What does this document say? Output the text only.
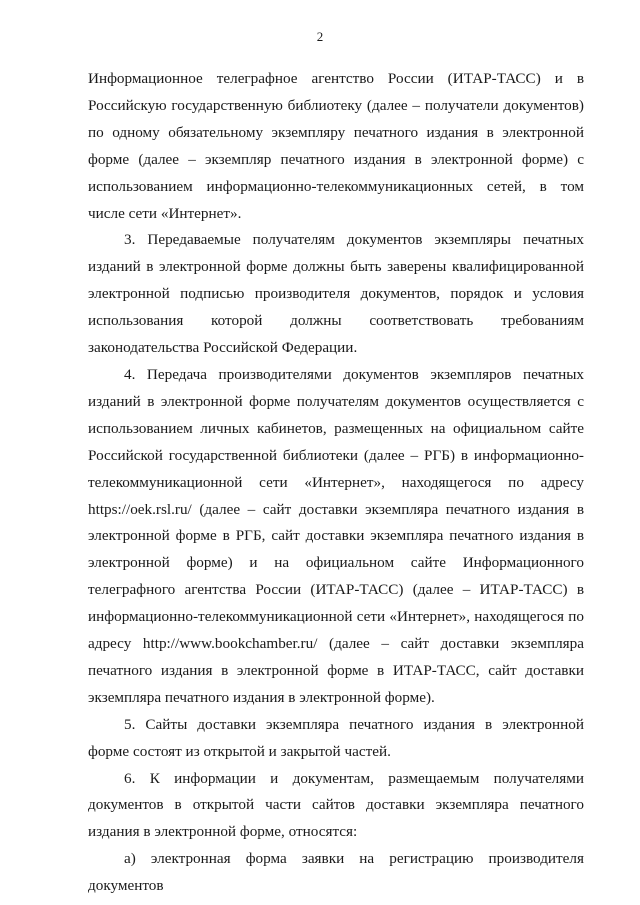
2

Информационное телеграфное агентство России (ИТАР-ТАСС) и в Российскую государственную библиотеку (далее – получатели документов) по одному обязательному экземпляру печатного издания в электронной форме (далее – экземпляр печатного издания в электронной форме) с использованием информационно-телекоммуникационных сетей, в том числе сети «Интернет».

3. Передаваемые получателям документов экземпляры печатных изданий в электронной форме должны быть заверены квалифицированной электронной подписью производителя документов, порядок и условия использования которой должны соответствовать требованиям законодательства Российской Федерации.

4. Передача производителями документов экземпляров печатных изданий в электронной форме получателям документов осуществляется с использованием личных кабинетов, размещенных на официальном сайте Российской государственной библиотеки (далее – РГБ) в информационно-телекоммуникационной сети «Интернет», находящегося по адресу https://oek.rsl.ru/ (далее – сайт доставки экземпляра печатного издания в электронной форме в РГБ, сайт доставки экземпляра печатного издания в электронной форме) и на официальном сайте Информационного телеграфного агентства России (ИТАР-ТАСС) (далее – ИТАР-ТАСС) в информационно-телекоммуникационной сети «Интернет», находящегося по адресу http://www.bookchamber.ru/ (далее – сайт доставки экземпляра печатного издания в электронной форме в ИТАР-ТАСС, сайт доставки экземпляра печатного издания в электронной форме).

5. Сайты доставки экземпляра печатного издания в электронной форме состоят из открытой и закрытой частей.

6. К информации и документам, размещаемым получателями документов в открытой части сайтов доставки экземпляра печатного издания в электронной форме, относятся:

а) электронная форма заявки на регистрацию производителя документов
